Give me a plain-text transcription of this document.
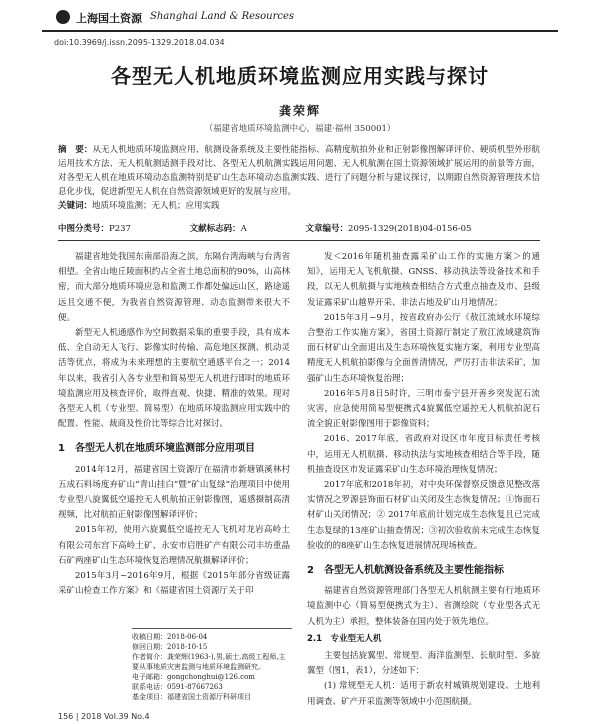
上海国土资源 Shanghai Land & Resources
doi:10.3969/j.issn.2095-1329.2018.04.034
各型无人机地质环境监测应用实践与探讨
龚荣辉
（福建省地质环境监测中心，福建·福州 350001）
摘　要：从无人机地质环境监测应用、航测设备系统及主要性能指标、高精度航拍外业和正射影像图解译评价、硬质机型外形航运用技术方法、无人机航测适测手段对比、各型无人机航测实践运用问题、无人机航测在国土资源领域扩展运用的前景等方面，对各型无人机在地质环境动态监测特别是矿山生态环境动态监测实践、进行了问题分析与建议探讨，以期跟自然资源管理技术信息化步伐，促进新型无人机在自然资源领域更好的发展与应用。
关键词：地质环境监测；无人机；应用实践
中图分类号：P237	文献标志码：A	文章编号：2095-1329(2018)04-0156-05

福建省地处我国东南部沿海之滨，东隔台湾海峡与台湾省相望。全省山地丘陵面积约占全省土地总面积的90%，山高林密，而大部分地质环境应急和监测工作都处偏远山区，路途遥远且交通不便，为我省自然资源管理、动态监测带来很大不便。

新型无人机通感作为空间数据采集的重要手段，具有成本低、全自动无人飞行、影像实时传输、高危地区探测、机动灵活等优点，将成为未来理想的主要航空通感平台之一；2014年以来，我省引入各专业型和简易型无人机进行即时的地质环境监测应用及核查评价，取得直观、快捷、精准的效果。现对各型无人机（专业型、简易型）在地质环境监测应用实践中的配置、性能、裁商及性价比等综合比对探讨。

1　各型无人机在地质环境监测部分应用项目

2014年12月，福建省国土资源厅在福清市新塘镇溪林村五成石料场度弃矿山“青山挂白”暨“矿山复绿”治理项目中使用专业型八旋翼低空遥控无人机航拍正射影像图，遥感摄制高清视频，比对航拍正射影像图解译评价；

2015年初，使用六旋翼低空遥控无人飞机对龙岩高岭土有限公司东宫下高岭土矿、永安市启胜矿产有限公司丰坊重晶石矿两座矿山生态环境恢复治理情况航摄解译评价；

2015年3月~2016年9月，根据《2015年部分省级证露采矿山检查工作方案》和《福建省国土资源厅关于印

收稿日期：2018-06-04
修回日期：2018-10-15
作者简介：龚荣辉(1963-),男,硕士,高级工程师,主
要从事地质灾害监测与地质环境监测研究。
电子邮箱：gongchonghui@126.com
联系电话：0591-87667263
基金项目：福建省国土资源厅科研项目

发＜2016年随机抽查露采矿山工作的实施方案＞的通知》，运用无人飞机航摄、GNSS、移动执法等设备技术和手段，以无人机航摄与实地核查相结合方式重点抽查及市、县级发证露采矿山越界开采、非法占地及矿山月地情况；

2015年3月~9月，按省政府办公厅《敖江流域水环境综合整治工作实施方案》，省国土资源厅制定了敖江流域建筑饰面石材矿山全面退出及生态环境恢复实施方案，利用专业型高精度无人机航拍影像与全面普清情况，严厉打击非法采矿，加强矿山生态环境恢复治理；

2016年5月8日5时许，三明市泰宁县开善乡突发泥石流灾害，应急使用简易型便携式4旋翼低空遥控无人机航拍泥石流全貌正射影像图用于影像资料；

2016、2017年底，省政府对设区市年度目标责任考核中，运用无人机航摄、移动执法与实地核查相结合等手段，随机抽查设区市发证露采矿山生态环境治理恢复情况；

2017年底和2018年初，对中央环保督察反馈意见整改落实情况之罗源县饰面石材矿山关闭及生态恢复情况；①饰面石材矿山关闭情况；② 2017年底前计划完成生态恢复且已完成生态复绿的13座矿山抽查情况；③初次验收前未完成生态恢复验收的的8座矿山生态恢复进展情况现场核查。

2　各型无人机航测设备系统及主要性能指标

福建省自然资源管理部门各型无人机航测主要有行地质环境监测中心（简易型便携式为主）、省测绘院（专业型各式无人机为主）承担，整体装备在国内处于领先地位。

2.1　专业型无人机

主要包括旋翼型、常规型、海洋监测型、长航时型、多旋翼型（图1，表1），分述如下：

(1) 常规型无人机：适用于新农村城镇规划建设、土地利用调查、矿产开采监测等领域中小范围航摄。

156 | 2018 Vol.39 No.4
